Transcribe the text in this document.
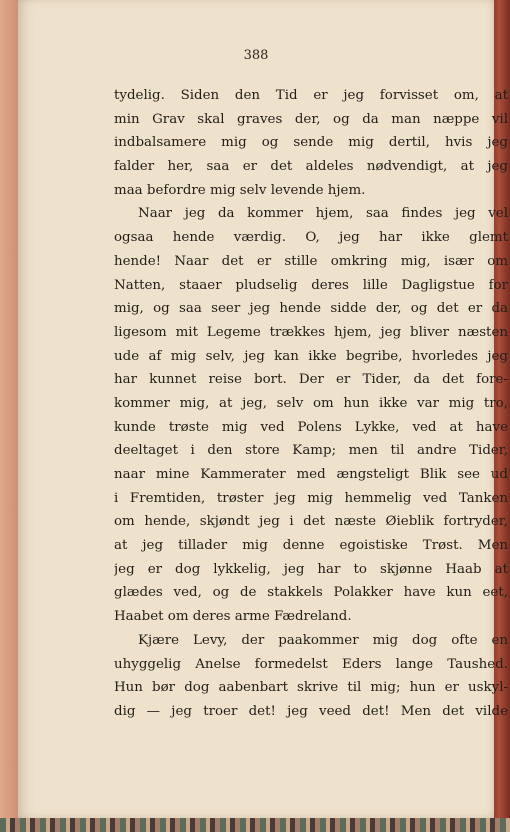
388
tydelig. Siden den Tid er jeg forvisset om, at
min Grav skal graves der, og da man næppe vil
indbalsamere mig og sende mig dertil, hvis jeg
falder her, saa er det aldeles nødvendigt, at jeg
maa befordre mig selv levende hjem.
Naar jeg da kommer hjem, saa findes jeg vel
ogsaa hende værdig. O, jeg har ikke glemt
hende! Naar det er stille omkring mig, især om
Natten, staaer pludselig deres lille Dagligstue for
mig, og saa seer jeg hende sidde der, og det er da
ligesom mit Legeme trækkes hjem, jeg bliver næsten
ude af mig selv, jeg kan ikke begribe, hvorledes jeg
har kunnet reise bort. Der er Tider, da det fore-
kommer mig, at jeg, selv om hun ikke var mig tro,
kunde trøste mig ved Polens Lykke, ved at have
deeltaget i den store Kamp; men til andre Tider,
naar mine Kammerater med ængsteligt Blik see ud
i Fremtiden, trøster jeg mig hemmelig ved Tanken
om hende, skjøndt jeg i det næste Øieblik fortryder,
at jeg tillader mig denne egoistiske Trøst. Men
jeg er dog lykkelig, jeg har to skjønne Haab at
glædes ved, og de stakkels Polakker have kun eet,
Haabet om deres arme Fædreland.
Kjære Levy, der paakommer mig dog ofte en
uhyggelig Anelse formedelst Eders lange Taushed.
Hun bør dog aabenbart skrive til mig; hun er uskyl-
dig — jeg troer det! jeg veed det! Men det vilde
